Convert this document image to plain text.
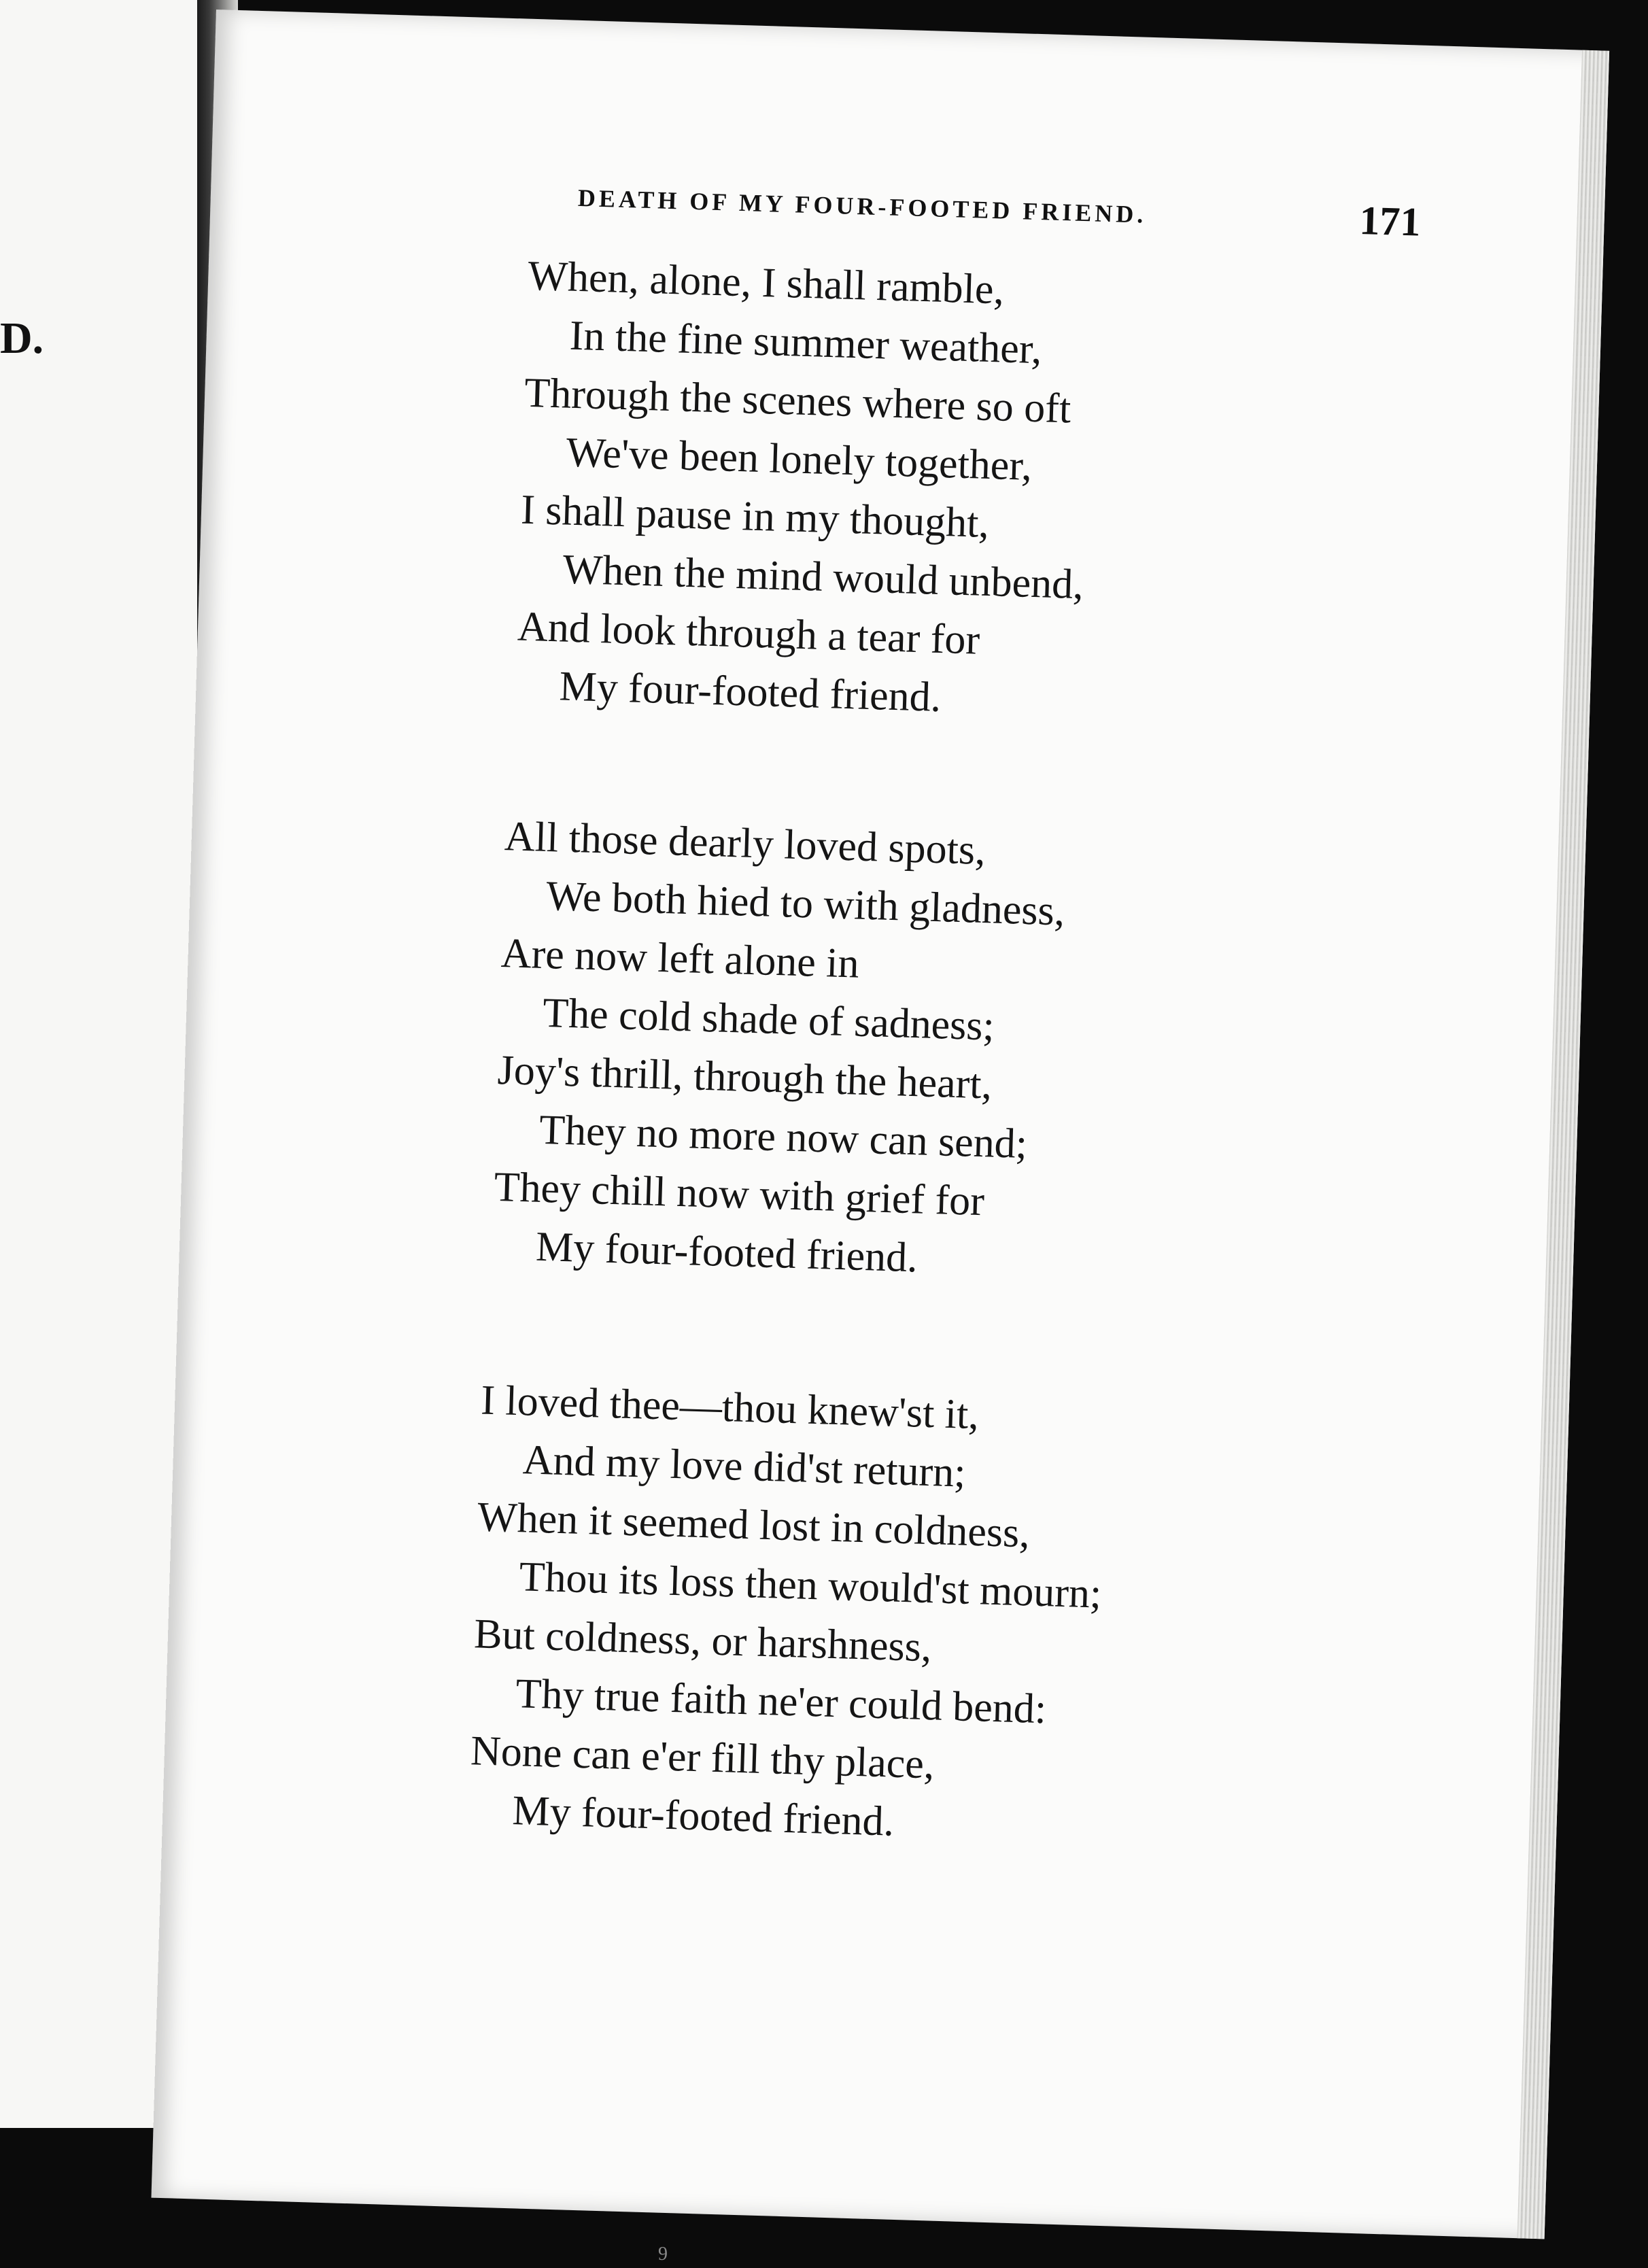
D.
DEATH OF MY FOUR-FOOTED FRIEND.	171
When, alone, I shall ramble,
In the fine summer weather,
Through the scenes where so oft
We've been lonely together,
I shall pause in my thought,
When the mind would unbend,
And look through a tear for
My four-footed friend.
All those dearly loved spots,
We both hied to with gladness,
Are now left alone in
The cold shade of sadness;
Joy's thrill, through the heart,
They no more now can send;
They chill now with grief for
My four-footed friend.
I loved thee—thou knew'st it,
And my love did'st return;
When it seemed lost in coldness,
Thou its loss then would'st mourn;
But coldness, or harshness,
Thy true faith ne'er could bend:
None can e'er fill thy place,
My four-footed friend.
9
